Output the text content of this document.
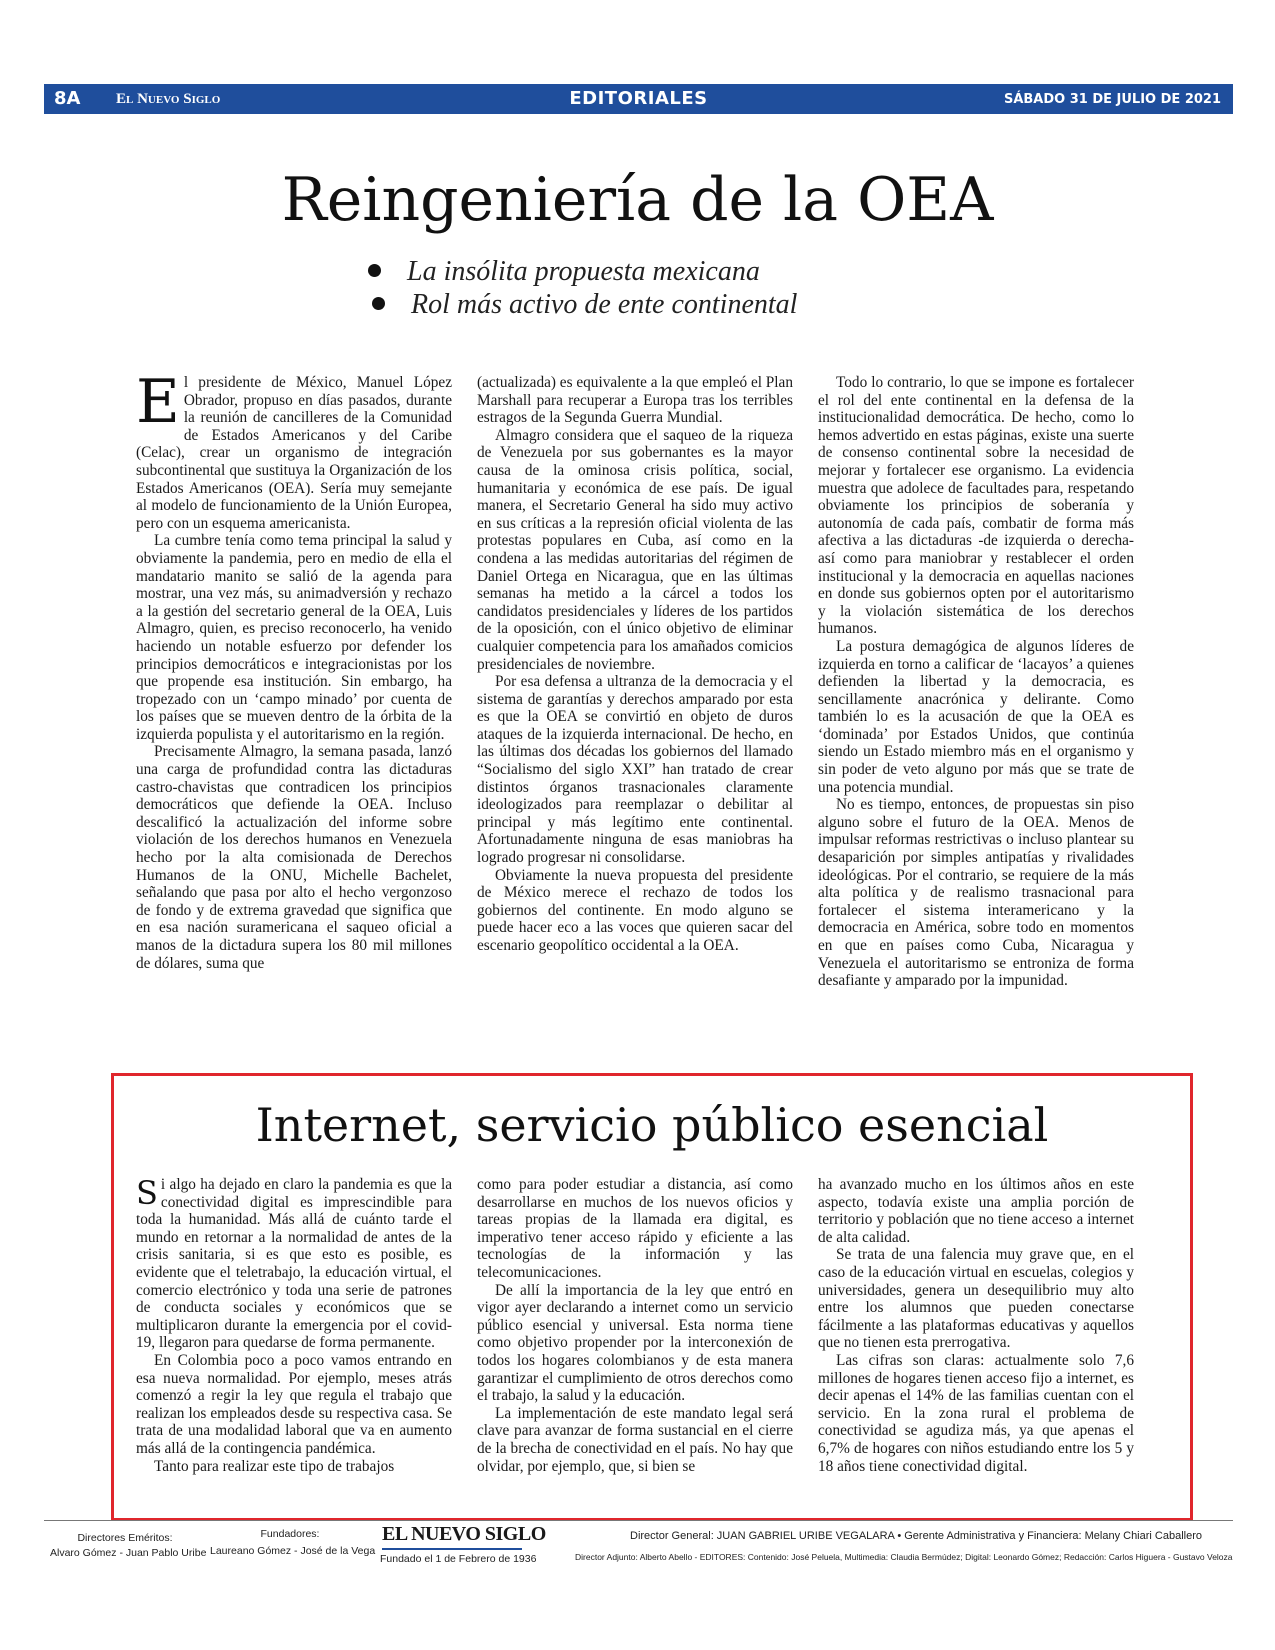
8A El Nuevo Siglo	EDITORIALES	SÁBADO 31 DE JULIO DE 2021
Reingeniería de la OEA
La insólita propuesta mexicana
Rol más activo de ente continental

El presidente de México, Manuel López Obrador, propuso en días pasados, durante la reunión de cancilleres de la Comunidad de Estados Americanos y del Caribe (Celac), crear un organismo de integración subcontinental que sustituya la Organización de los Estados Americanos (OEA). Sería muy semejante al modelo de funcionamiento de la Unión Europea, pero con un esquema americanista.

La cumbre tenía como tema principal la salud y obviamente la pandemia, pero en medio de ella el mandatario manito se salió de la agenda para mostrar, una vez más, su animadversión y rechazo a la gestión del secretario general de la OEA, Luis Almagro, quien, es preciso reconocerlo, ha venido haciendo un notable esfuerzo por defender los principios democráticos e integracionistas por los que propende esa institución. Sin embargo, ha tropezado con un ‘campo minado’ por cuenta de los países que se mueven dentro de la órbita de la izquierda populista y el autoritarismo en la región.

Precisamente Almagro, la semana pasada, lanzó una carga de profundidad contra las dictaduras castro-chavistas que contradicen los principios democráticos que defiende la OEA. Incluso descalificó la actualización del informe sobre violación de los derechos humanos en Venezuela hecho por la alta comisionada de Derechos Humanos de la ONU, Michelle Bachelet, señalando que pasa por alto el hecho vergonzoso de fondo y de extrema gravedad que significa que en esa nación suramericana el saqueo oficial a manos de la dictadura supera los 80 mil millones de dólares, suma que

(actualizada) es equivalente a la que empleó el Plan Marshall para recuperar a Europa tras los terribles estragos de la Segunda Guerra Mundial.

Almagro considera que el saqueo de la riqueza de Venezuela por sus gobernantes es la mayor causa de la ominosa crisis política, social, humanitaria y económica de ese país. De igual manera, el Secretario General ha sido muy activo en sus críticas a la represión oficial violenta de las protestas populares en Cuba, así como en la condena a las medidas autoritarias del régimen de Daniel Ortega en Nicaragua, que en las últimas semanas ha metido a la cárcel a todos los candidatos presidenciales y líderes de los partidos de la oposición, con el único objetivo de eliminar cualquier competencia para los amañados comicios presidenciales de noviembre.

Por esa defensa a ultranza de la democracia y el sistema de garantías y derechos amparado por esta es que la OEA se convirtió en objeto de duros ataques de la izquierda internacional. De hecho, en las últimas dos décadas los gobiernos del llamado “Socialismo del siglo XXI” han tratado de crear distintos órganos trasnacionales claramente ideologizados para reemplazar o debilitar al principal y más legítimo ente continental. Afortunadamente ninguna de esas maniobras ha logrado progresar ni consolidarse.

Obviamente la nueva propuesta del presidente de México merece el rechazo de todos los gobiernos del continente. En modo alguno se puede hacer eco a las voces que quieren sacar del escenario geopolítico occidental a la OEA.

Todo lo contrario, lo que se impone es fortalecer el rol del ente continental en la defensa de la institucionalidad democrática. De hecho, como lo hemos advertido en estas páginas, existe una suerte de consenso continental sobre la necesidad de mejorar y fortalecer ese organismo. La evidencia muestra que adolece de facultades para, respetando obviamente los principios de soberanía y autonomía de cada país, combatir de forma más afectiva a las dictaduras -de izquierda o derecha- así como para maniobrar y restablecer el orden institucional y la democracia en aquellas naciones en donde sus gobiernos opten por el autoritarismo y la violación sistemática de los derechos humanos.

La postura demagógica de algunos líderes de izquierda en torno a calificar de ‘lacayos’ a quienes defienden la libertad y la democracia, es sencillamente anacrónica y delirante. Como también lo es la acusación de que la OEA es ‘dominada’ por Estados Unidos, que continúa siendo un Estado miembro más en el organismo y sin poder de veto alguno por más que se trate de una potencia mundial.

No es tiempo, entonces, de propuestas sin piso alguno sobre el futuro de la OEA. Menos de impulsar reformas restrictivas o incluso plantear su desaparición por simples antipatías y rivalidades ideológicas. Por el contrario, se requiere de la más alta política y de realismo trasnacional para fortalecer el sistema interamericano y la democracia en América, sobre todo en momentos en que en países como Cuba, Nicaragua y Venezuela el autoritarismo se entroniza de forma desafiante y amparado por la impunidad.

Internet, servicio público esencial

Si algo ha dejado en claro la pandemia es que la conectividad digital es imprescindible para toda la humanidad. Más allá de cuánto tarde el mundo en retornar a la normalidad de antes de la crisis sanitaria, si es que esto es posible, es evidente que el teletrabajo, la educación virtual, el comercio electrónico y toda una serie de patrones de conducta sociales y económicos que se multiplicaron durante la emergencia por el covid-19, llegaron para quedarse de forma permanente.

En Colombia poco a poco vamos entrando en esa nueva normalidad. Por ejemplo, meses atrás comenzó a regir la ley que regula el trabajo que realizan los empleados desde su respectiva casa. Se trata de una modalidad laboral que va en aumento más allá de la contingencia pandémica.

Tanto para realizar este tipo de trabajos

como para poder estudiar a distancia, así como desarrollarse en muchos de los nuevos oficios y tareas propias de la llamada era digital, es imperativo tener acceso rápido y eficiente a las tecnologías de la información y las telecomunicaciones.

De allí la importancia de la ley que entró en vigor ayer declarando a internet como un servicio público esencial y universal. Esta norma tiene como objetivo propender por la interconexión de todos los hogares colombianos y de esta manera garantizar el cumplimiento de otros derechos como el trabajo, la salud y la educación.

La implementación de este mandato legal será clave para avanzar de forma sustancial en el cierre de la brecha de conectividad en el país. No hay que olvidar, por ejemplo, que, si bien se

ha avanzado mucho en los últimos años en este aspecto, todavía existe una amplia porción de territorio y población que no tiene acceso a internet de alta calidad.

Se trata de una falencia muy grave que, en el caso de la educación virtual en escuelas, colegios y universidades, genera un desequilibrio muy alto entre los alumnos que pueden conectarse fácilmente a las plataformas educativas y aquellos que no tienen esta prerrogativa.

Las cifras son claras: actualmente solo 7,6 millones de hogares tienen acceso fijo a internet, es decir apenas el 14% de las familias cuentan con el servicio. En la zona rural el problema de conectividad se agudiza más, ya que apenas el 6,7% de hogares con niños estudiando entre los 5 y 18 años tiene conectividad digital.

Directores Eméritos:
Alvaro Gómez - Juan Pablo Uribe
Fundadores:
Laureano Gómez - José de la Vega
EL NUEVO SIGLO
Fundado el 1 de Febrero de 1936
Director General: JUAN GABRIEL URIBE VEGALARA • Gerente Administrativa y Financiera: Melany Chiari Caballero
Director Adjunto: Alberto Abello - EDITORES: Contenido: José Peluela, Multimedia: Claudia Bermúdez; Digital: Leonardo Gómez; Redacción: Carlos Higuera - Gustavo Veloza
